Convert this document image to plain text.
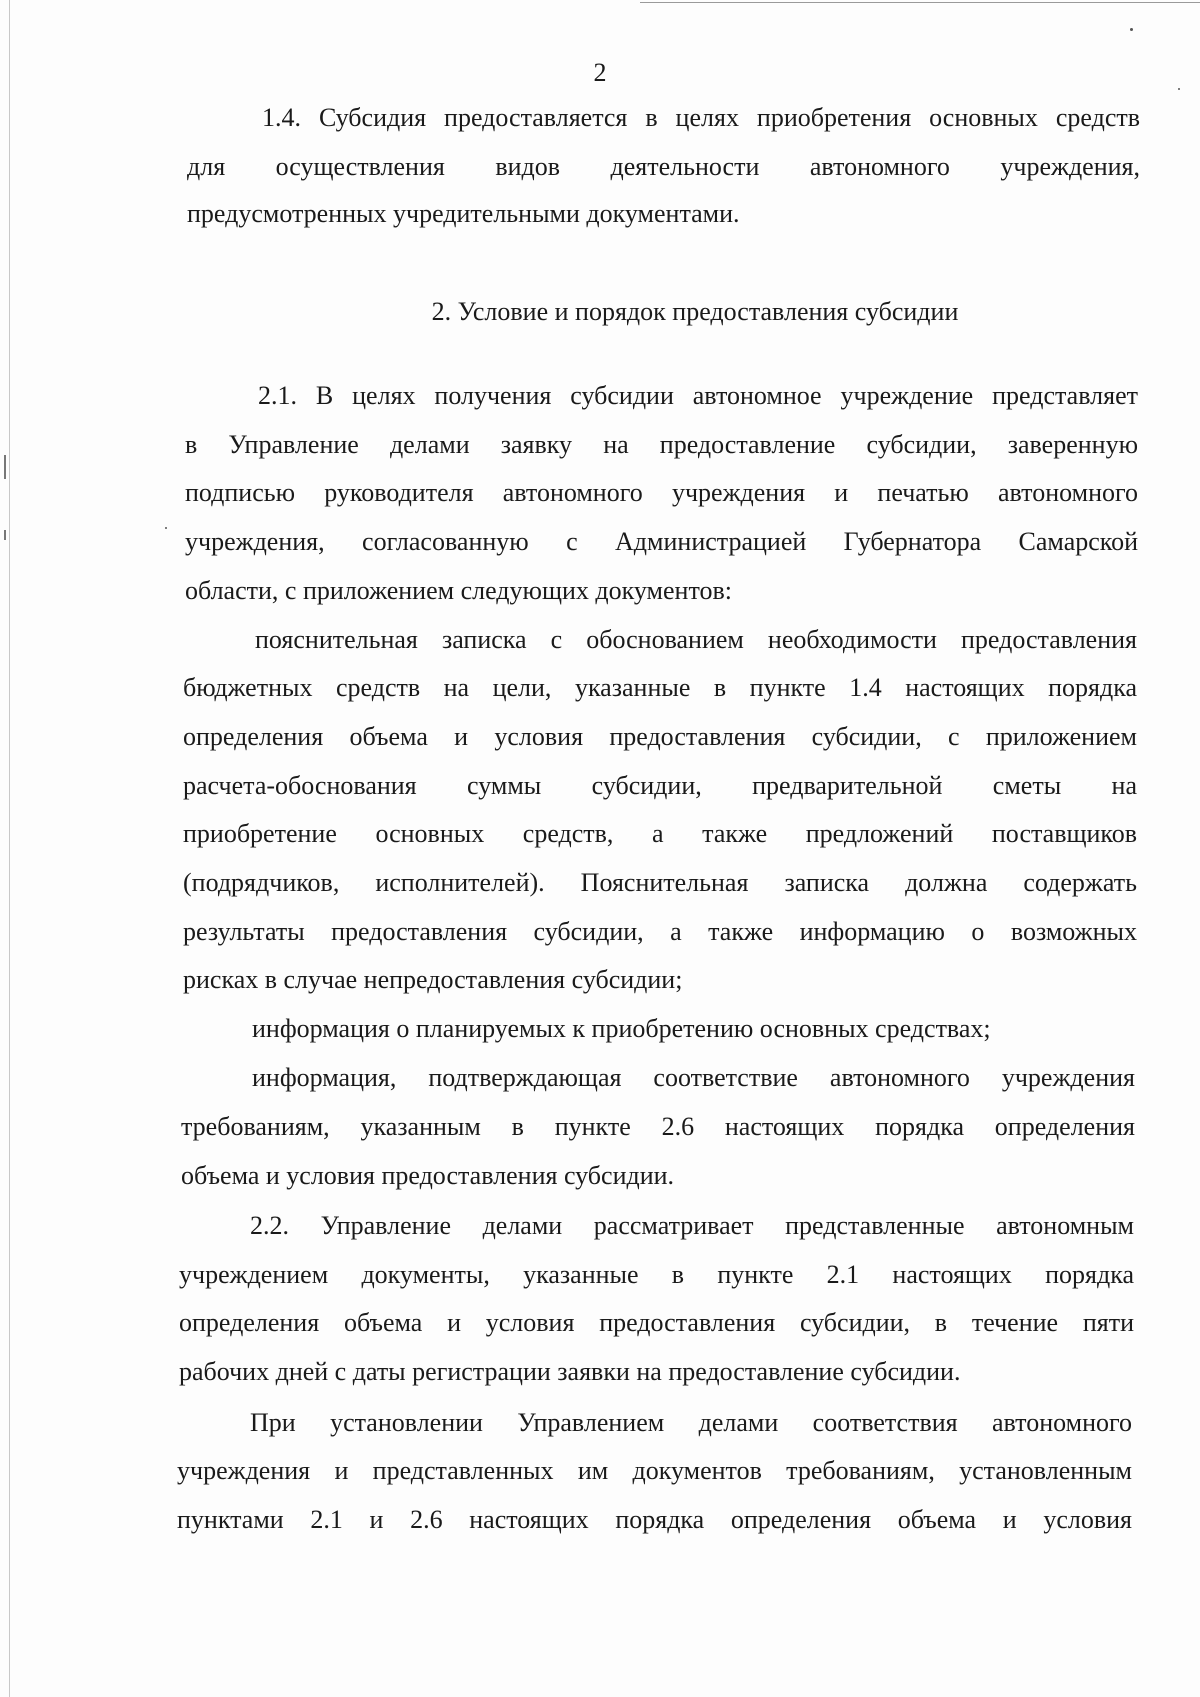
2
1.4. Субсидия предоставляется в целях приобретения основных средств
для осуществления видов деятельности автономного учреждения,
предусмотренных учредительными документами.
2. Условие и порядок предоставления субсидии
2.1. В целях получения субсидии автономное учреждение представляет
в Управление делами заявку на предоставление субсидии, заверенную
подписью руководителя автономного учреждения и печатью автономного
учреждения, согласованную с Администрацией Губернатора Самарской
области, с приложением следующих документов:
пояснительная записка с обоснованием необходимости предоставления
бюджетных средств на цели, указанные в пункте 1.4 настоящих порядка
определения объема и условия предоставления субсидии, с приложением
расчета-обоснования суммы субсидии, предварительной сметы на
приобретение основных средств, а также предложений поставщиков
(подрядчиков, исполнителей). Пояснительная записка должна содержать
результаты предоставления субсидии, а также информацию о возможных
рисках в случае непредоставления субсидии;
информация о планируемых к приобретению основных средствах;
информация, подтверждающая соответствие автономного учреждения
требованиям, указанным в пункте 2.6 настоящих порядка определения
объема и условия предоставления субсидии.
2.2. Управление делами рассматривает представленные автономным
учреждением документы, указанные в пункте 2.1 настоящих порядка
определения объема и условия предоставления субсидии, в течение пяти
рабочих дней с даты регистрации заявки на предоставление субсидии.
При установлении Управлением делами соответствия автономного
учреждения и представленных им документов требованиям, установленным
пунктами 2.1 и 2.6 настоящих порядка определения объема и условия
